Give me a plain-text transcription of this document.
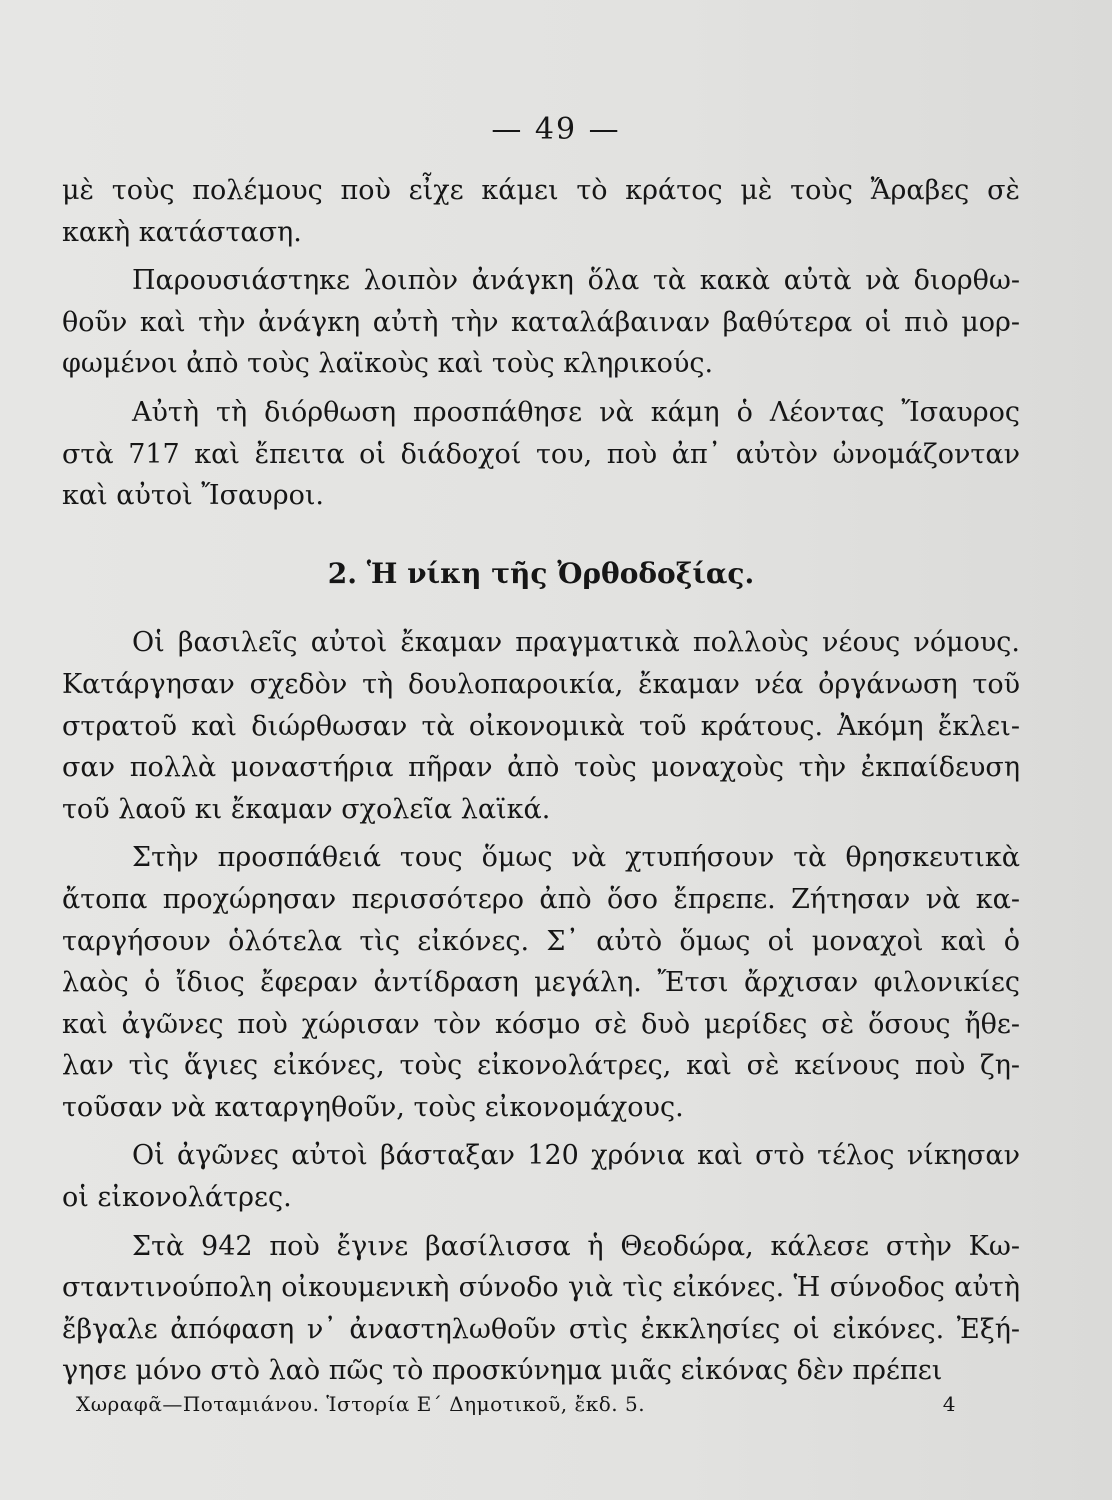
— 49 —
μὲ τοὺς πολέμους ποὺ εἶχε κάμει τὸ κράτος μὲ τοὺς Ἄραβες σὲ
κακὴ κατάσταση.
Παρουσιάστηκε λοιπὸν ἀνάγκη ὅλα τὰ κακὰ αὐτὰ νὰ διορθω-
θοῦν καὶ τὴν ἀνάγκη αὐτὴ τὴν καταλάβαιναν βαθύτερα οἱ πιὸ μορ-
φωμένοι ἀπὸ τοὺς λαϊκοὺς καὶ τοὺς κληρικούς.
Αὐτὴ τὴ διόρθωση προσπάθησε νὰ κάμη ὁ Λέοντας Ἴσαυρος
στὰ 717 καὶ ἔπειτα οἱ διάδοχοί του, ποὺ ἀπ᾿ αὐτὸν ὠνομάζονταν
καὶ αὐτοὶ Ἴσαυροι.
2. Ἡ νίκη τῆς Ὀρθοδοξίας.
Οἱ βασιλεῖς αὐτοὶ ἔκαμαν πραγματικὰ πολλοὺς νέους νόμους.
Κατάργησαν σχεδὸν τὴ δουλοπαροικία, ἔκαμαν νέα ὀργάνωση τοῦ
στρατοῦ καὶ διώρθωσαν τὰ οἰκονομικὰ τοῦ κράτους. Ἀκόμη ἔκλει-
σαν πολλὰ μοναστήρια πῆραν ἀπὸ τοὺς μοναχοὺς τὴν ἐκπαίδευση
τοῦ λαοῦ κι ἔκαμαν σχολεῖα λαϊκά.
Στὴν προσπάθειά τους ὅμως νὰ χτυπήσουν τὰ θρησκευτικὰ
ἄτοπα προχώρησαν περισσότερο ἀπὸ ὅσο ἔπρεπε. Ζήτησαν νὰ κα-
ταργήσουν ὁλότελα τὶς εἰκόνες. Σ᾿ αὐτὸ ὅμως οἱ μοναχοὶ καὶ ὁ
λαὸς ὁ ἴδιος ἔφεραν ἀντίδραση μεγάλη. Ἔτσι ἄρχισαν φιλονικίες
καὶ ἀγῶνες ποὺ χώρισαν τὸν κόσμο σὲ δυὸ μερίδες σὲ ὅσους ἤθε-
λαν τὶς ἅγιες εἰκόνες, τοὺς εἰκονολάτρες, καὶ σὲ κείνους ποὺ ζη-
τοῦσαν νὰ καταργηθοῦν, τοὺς εἰκονομάχους.
Οἱ ἀγῶνες αὐτοὶ βάσταξαν 120 χρόνια καὶ στὸ τέλος νίκησαν
οἱ εἰκονολάτρες.
Στὰ 942 ποὺ ἔγινε βασίλισσα ἡ Θεοδώρα, κάλεσε στὴν Κω-
σταντινούπολη οἰκουμενικὴ σύνοδο γιὰ τὶς εἰκόνες. Ἡ σύνοδος αὐτὴ
ἔβγαλε ἀπόφαση ν᾿ ἀναστηλωθοῦν στὶς ἐκκλησίες οἱ εἰκόνες. Ἐξή-
γησε μόνο στὸ λαὸ πῶς τὸ προσκύνημα μιᾶς εἰκόνας δὲν πρέπει
Χωραφᾶ—Ποταμιάνου. Ἱστορία Ε΄ Δημοτικοῦ, ἔκδ. 5.	4
